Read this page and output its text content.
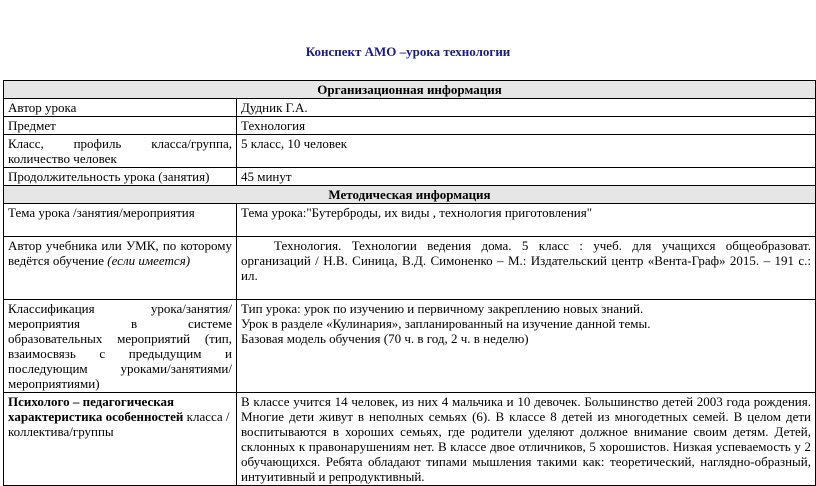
Конспект АМО –урока технологии
Организационная информация	
Автор урока	Дудник Г.А.
Предмет	Технология
Класс, профиль класса/группа, количество человек	5 класс, 10 человек
Продолжительность урока (занятия)	45 минут
Методическая информация	
Тема урока /занятия/мероприятия	Тема урока:"Бутерброды, их виды , технология приготовления"
Автор учебника или УМК, по которому ведётся обучение (если имеется)	Технология. Технологии ведения дома. 5 класс : учеб. для учащихся общеобразоват. организаций / Н.В. Синица, В.Д. Симоненко – М.: Издательский центр «Вента-Граф» 2015. – 191 с.: ил.

Классификация урока/занятия/мероприятия в системе образовательных мероприятий (тип, взаимосвязь с предыдущим и последующим уроками/занятиями/мероприятиями)	Тип урока: урок по изучению и первичному закреплению новых знаний.

Урок в разделе «Кулинария», запланированный на изучение данной темы.

Базовая модель обучения (70 ч. в год, 2 ч. в неделю)

Психолого – педагогическая характеристика особенностей класса /коллектива/группы	В классе учится 14 человек, из них 4 мальчика и 10 девочек. Большинство детей 2003 года рождения. Многие дети живут в неполных семьях (6). В классе 8 детей из многодетных семей. В целом дети воспитываются в хороших семьях, где родители уделяют должное внимание своим детям. Детей, склонных к правонарушениям нет. В классе двое отличников, 5 хорошистов. Низкая успеваемость у 2 обучающихся. Ребята обладают типами мышления такими как: теоретический, наглядно-образный, интуитивный и репродуктивный.
